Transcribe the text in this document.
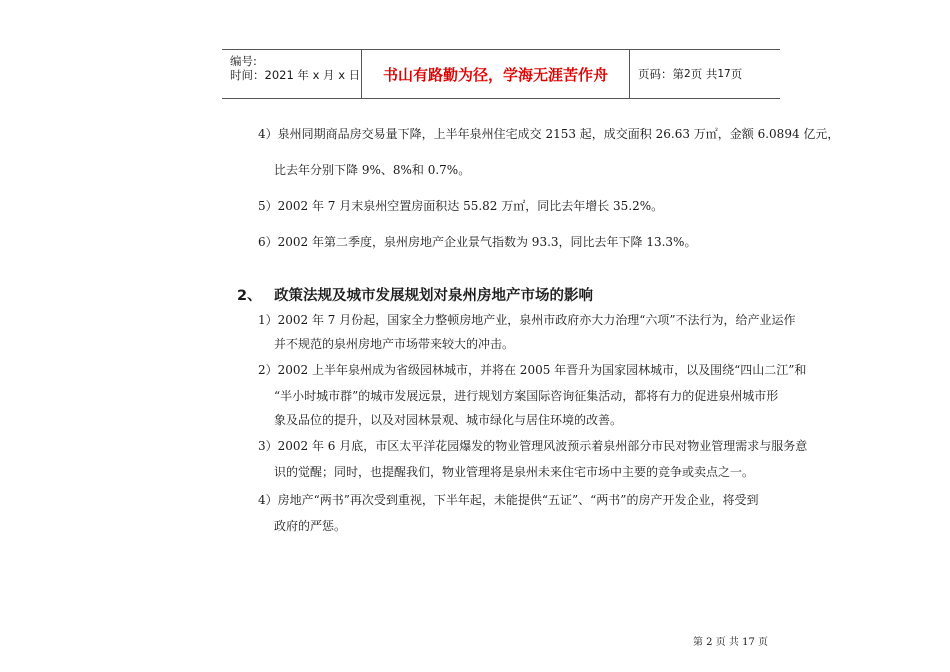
编号:
时间：2021 年 x 月 x 日	书山有路勤为径，学海无涯苦作舟	页码：第 2 页 共 17 页
4）泉州同期商品房交易量下降，上半年泉州住宅成交 2153 起，成交面积 26.63 万㎡，金额 6.0894 亿元，
比去年分别下降 9%、8%和 0.7%。
5）2002 年 7 月末泉州空置房面积达 55.82 万㎡，同比去年增长 35.2%。
6）2002 年第二季度，泉州房地产企业景气指数为 93.3，同比去年下降 13.3%。
2、 政策法规及城市发展规划对泉州房地产市场的影响
1）2002 年 7 月份起，国家全力整顿房地产业，泉州市政府亦大力治理“六项”不法行为，给产业运作
并不规范的泉州房地产市场带来较大的冲击。
2）2002 上半年泉州成为省级园林城市，并将在 2005 年晋升为国家园林城市，以及围绕“四山二江”和
“半小时城市群”的城市发展远景，进行规划方案国际咨询征集活动，都将有力的促进泉州城市形
象及品位的提升，以及对园林景观、城市绿化与居住环境的改善。
3）2002 年 6 月底，市区太平洋花园爆发的物业管理风波预示着泉州部分市民对物业管理需求与服务意
识的觉醒；同时，也提醒我们，物业管理将是泉州未来住宅市场中主要的竞争或卖点之一。
4）房地产“两书”再次受到重视，下半年起，未能提供“五证”、“两书”的房产开发企业，将受到
政府的严惩。
第 2 页 共 17 页
